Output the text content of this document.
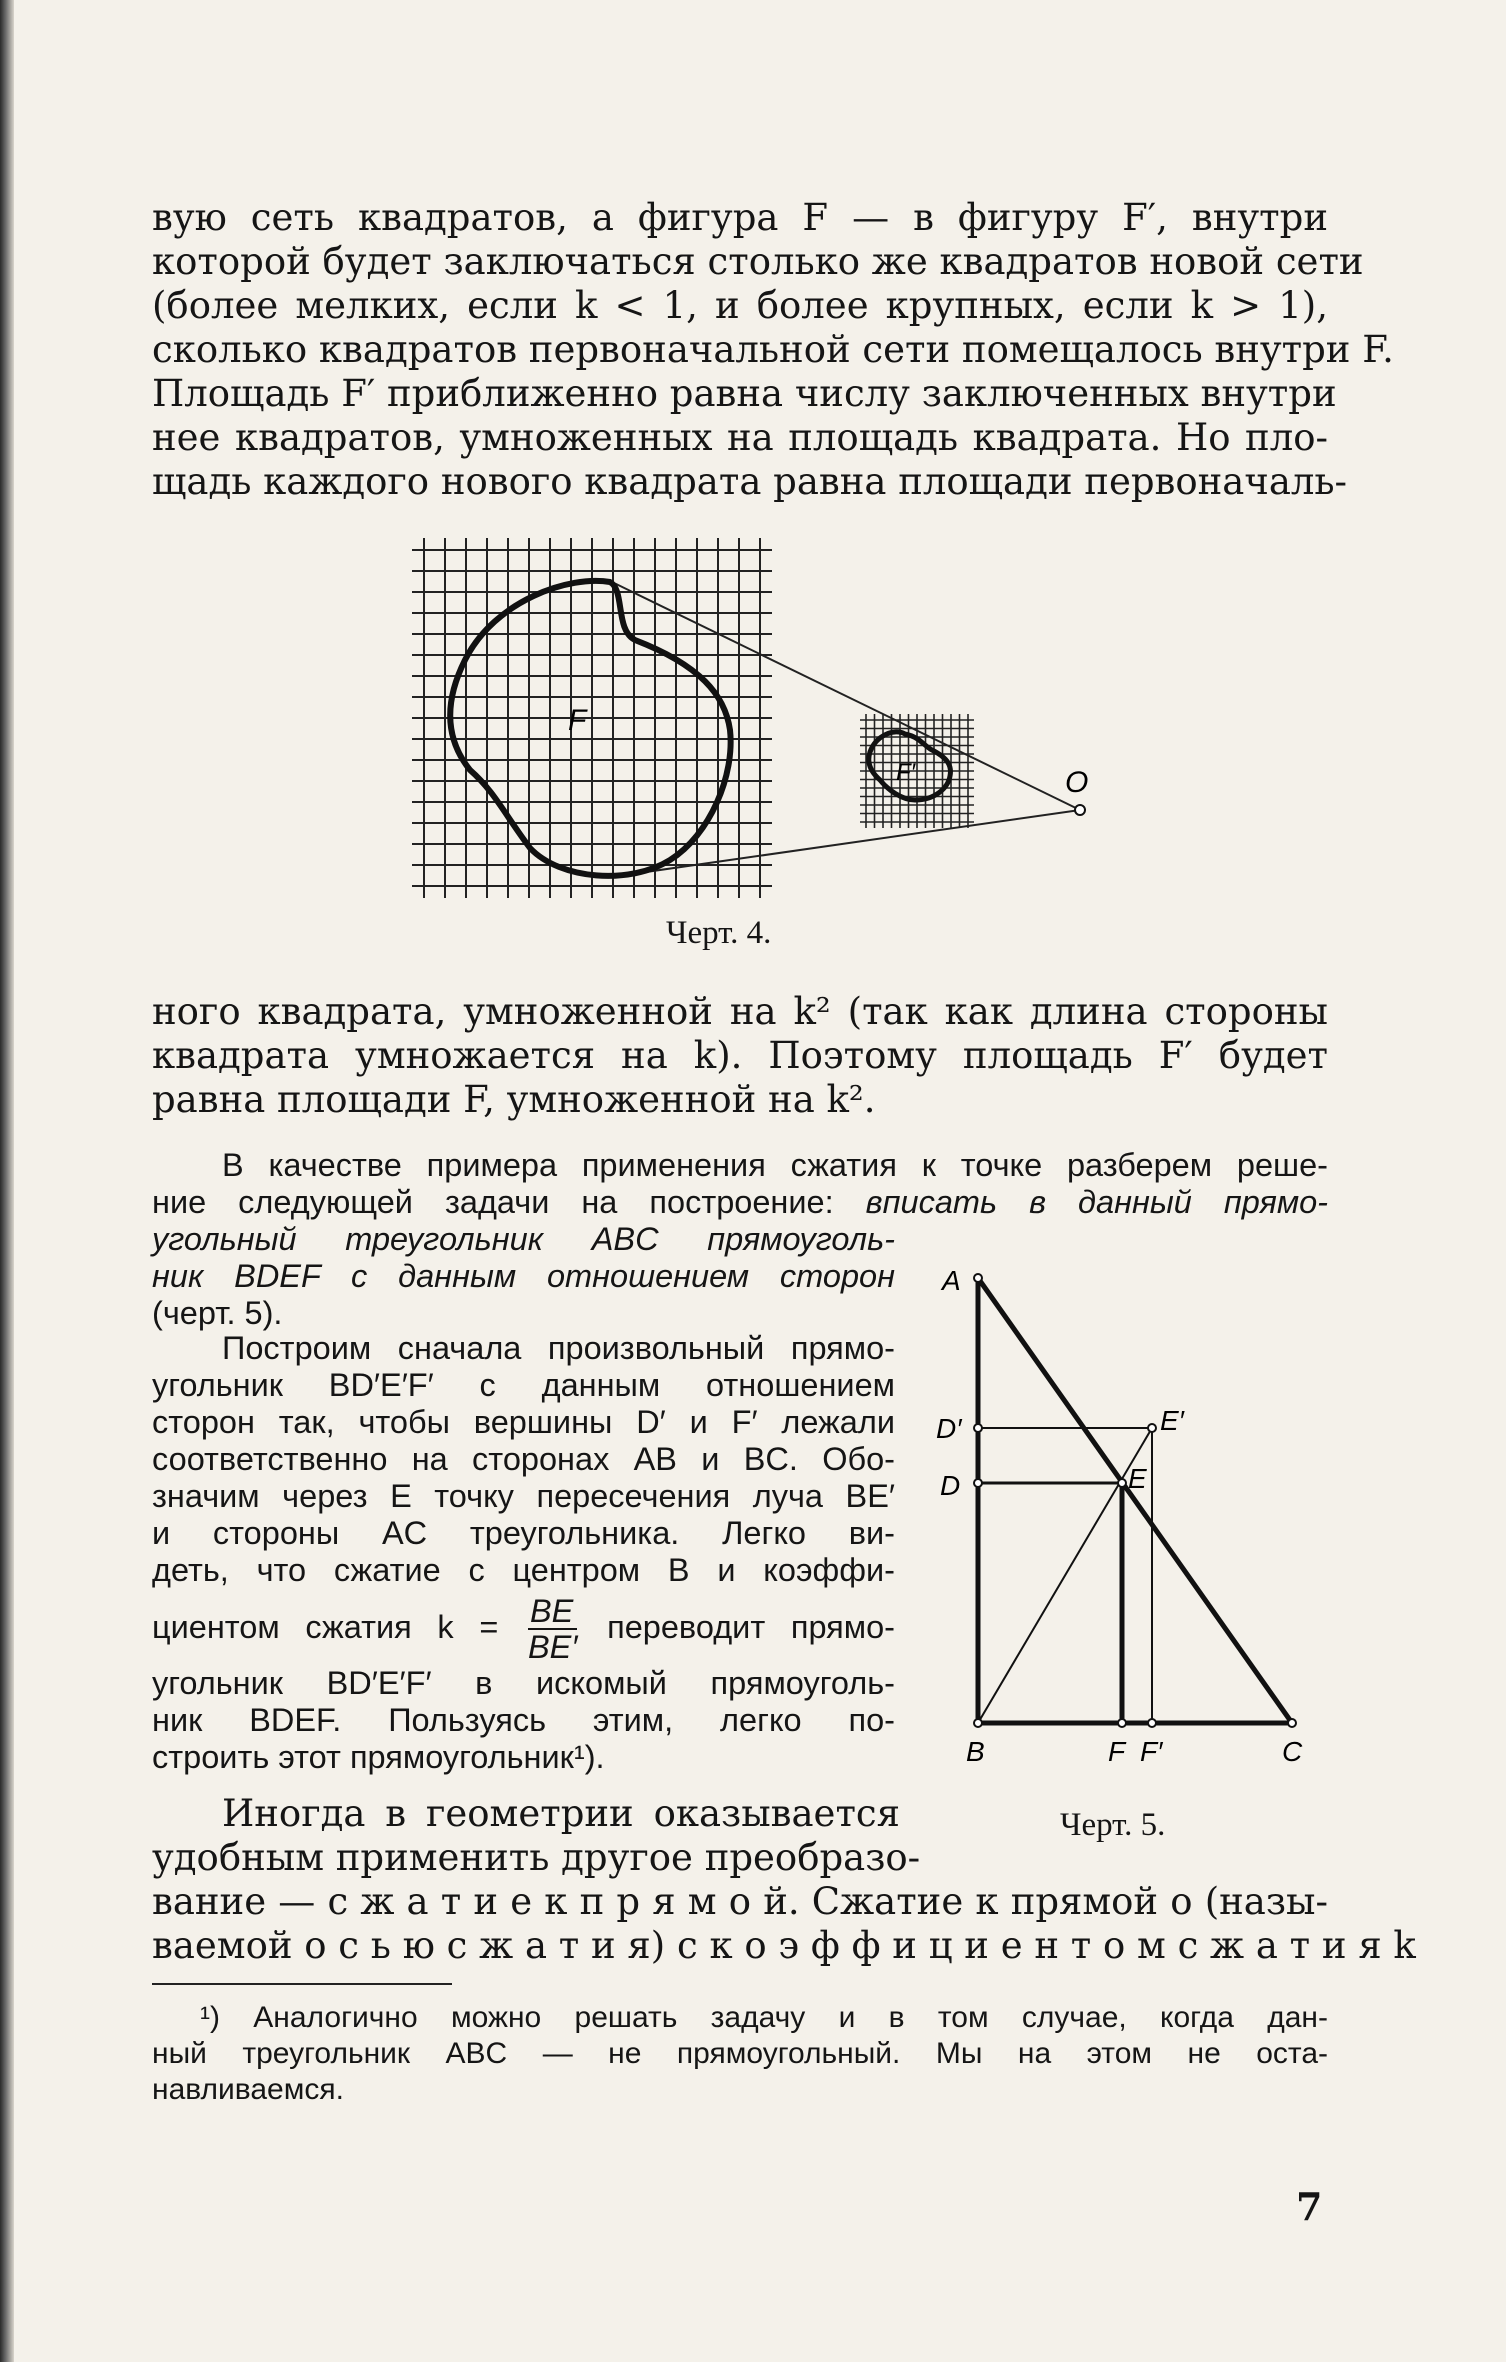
вую сеть квадратов, а фигура F — в фигуру F′, внутри
которой будет заключаться столько же квадратов новой сети
(более мелких, если k < 1, и более крупных, если k > 1),
сколько квадратов первоначальной сети помещалось внутри F.
Площадь F′ приближенно равна числу заключенных внутри
нее квадратов, умноженных на площадь квадрата. Но пло-
щадь каждого нового квадрата равна площади первоначаль-
F
F′	O
Черт. 4.
ного квадрата, умноженной на k² (так как длина стороны
квадрата умножается на k). Поэтому площадь F′ будет
равна площади F, умноженной на k².
В качестве примера применения сжатия к точке разберем реше-
ние следующей задачи на построение: вписать в данный прямо-
угольный треугольник ABC прямоуголь-
ник BDEF с данным отношением сторон
(черт. 5).
Построим сначала произвольный прямо-
угольник BD′E′F′ с данным отношением
сторон так, чтобы вершины D′ и F′ лежали
соответственно на сторонах AB и BC. Обо-
значим через E точку пересечения луча BE′
и стороны AC треугольника. Легко ви-
деть, что сжатие с центром B и коэффи-
циентом сжатия $k = \frac{BE}{BE'}$ переводит прямо-
угольник BD′E′F′ в искомый прямоуголь-
ник BDEF. Пользуясь этим, легко по-
строить этот прямоугольник¹).
A
D′
D
E′
E
B	F F′	C
Черт. 5.
Иногда в геометрии оказывается
удобным применить другое преобразо-
вание — с ж а т и е к п р я м о й. Сжатие к прямой o (назы-
ваемой о с ь ю с ж а т и я) с к о э ф ф и ц и е н т о м с ж а т и я k
¹) Аналогично можно решать задачу и в том случае, когда дан-
ный треугольник ABC — не прямоугольный. Мы на этом не оста-
навливаемся.
7
